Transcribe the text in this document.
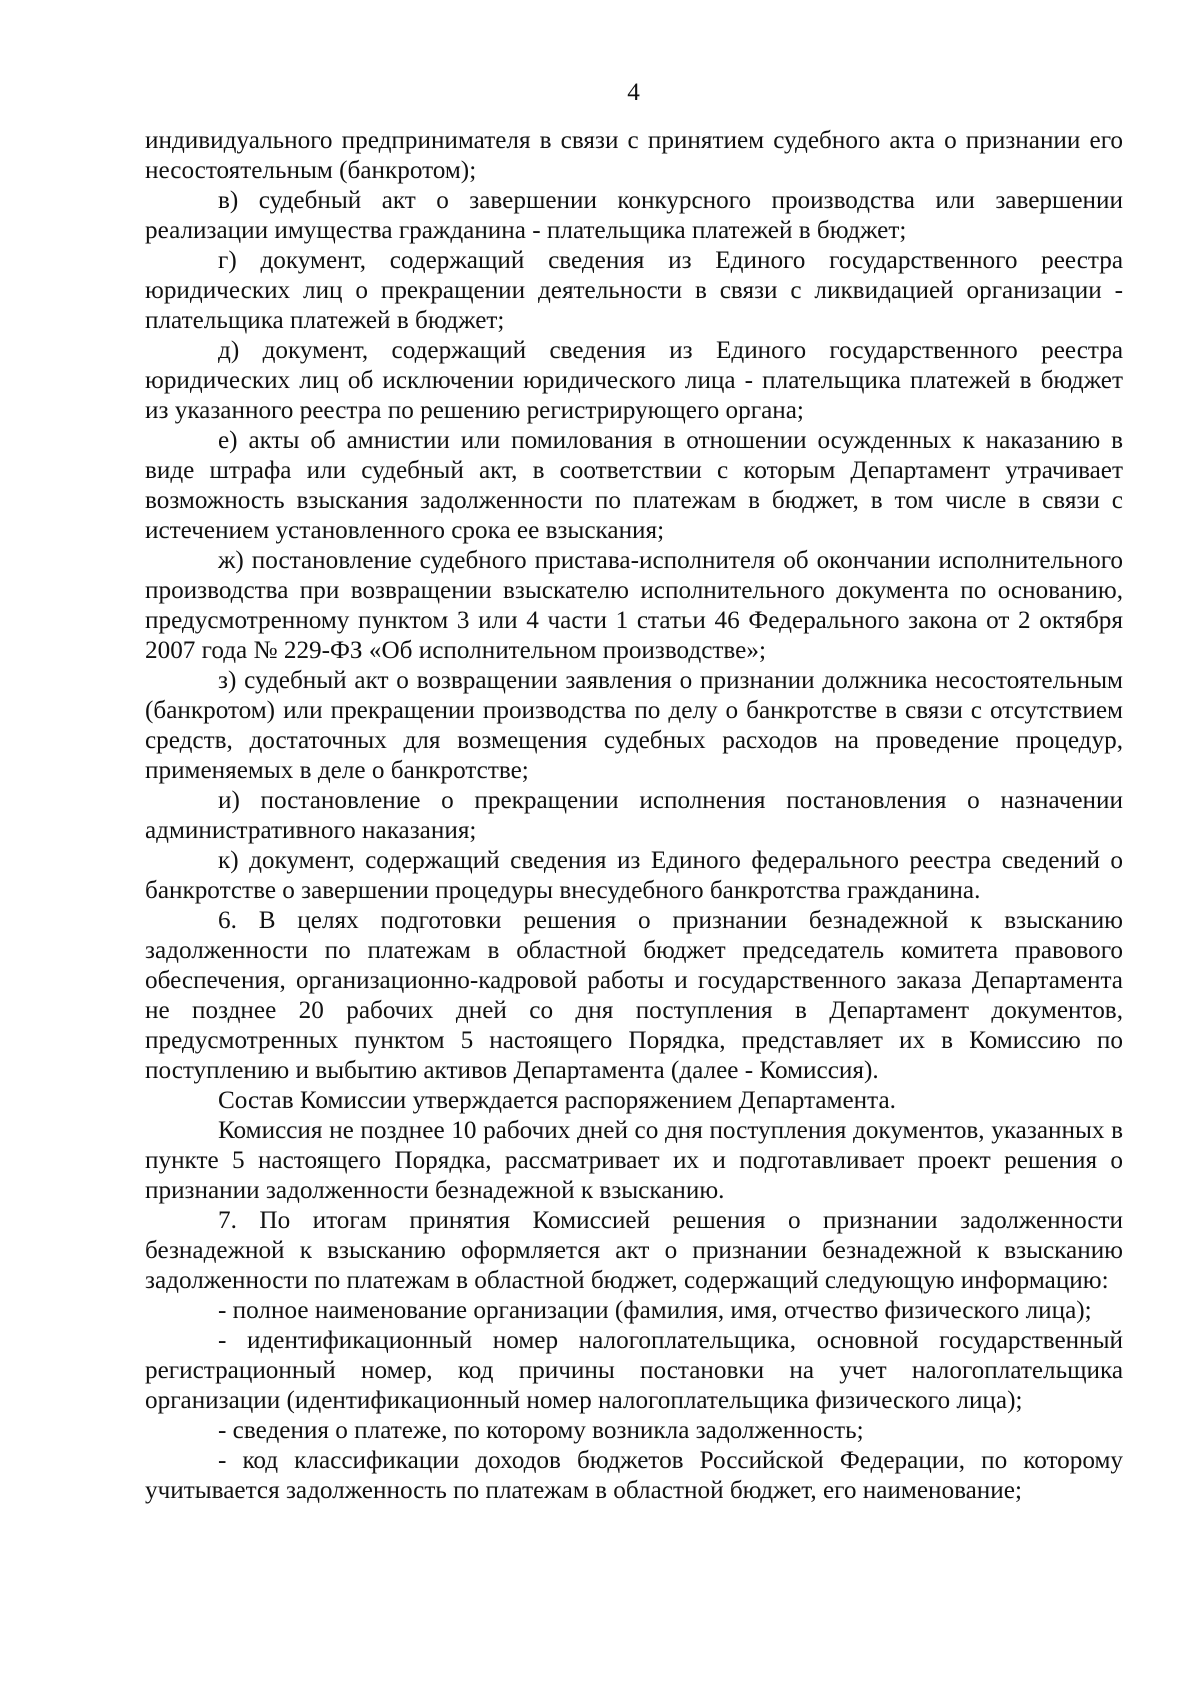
4

индивидуального предпринимателя в связи с принятием судебного акта о признании его несостоятельным (банкротом);

в) судебный акт о завершении конкурсного производства или завершении реализации имущества гражданина - плательщика платежей в бюджет;

г) документ, содержащий сведения из Единого государственного реестра юридических лиц о прекращении деятельности в связи с ликвидацией организации - плательщика платежей в бюджет;

д) документ, содержащий сведения из Единого государственного реестра юридических лиц об исключении юридического лица - плательщика платежей в бюджет из указанного реестра по решению регистрирующего органа;

е) акты об амнистии или помилования в отношении осужденных к наказанию в виде штрафа или судебный акт, в соответствии с которым Департамент утрачивает возможность взыскания задолженности по платежам в бюджет, в том числе в связи с истечением установленного срока ее взыскания;

ж) постановление судебного пристава-исполнителя об окончании исполнительного производства при возвращении взыскателю исполнительного документа по основанию, предусмотренному пунктом 3 или 4 части 1 статьи 46 Федерального закона от 2 октября 2007 года № 229-ФЗ «Об исполнительном производстве»;

з) судебный акт о возвращении заявления о признании должника несостоятельным (банкротом) или прекращении производства по делу о банкротстве в связи с отсутствием средств, достаточных для возмещения судебных расходов на проведение процедур, применяемых в деле о банкротстве;

и) постановление о прекращении исполнения постановления о назначении административного наказания;

к) документ, содержащий сведения из Единого федерального реестра сведений о банкротстве о завершении процедуры внесудебного банкротства гражданина.

6. В целях подготовки решения о признании безнадежной к взысканию задолженности по платежам в областной бюджет председатель комитета правового обеспечения, организационно-кадровой работы и государственного заказа Департамента не позднее 20 рабочих дней со дня поступления в Департамент документов, предусмотренных пунктом 5 настоящего Порядка, представляет их в Комиссию по поступлению и выбытию активов Департамента (далее - Комиссия).

Состав Комиссии утверждается распоряжением Департамента.

Комиссия не позднее 10 рабочих дней со дня поступления документов, указанных в пункте 5 настоящего Порядка, рассматривает их и подготавливает проект решения о признании задолженности безнадежной к взысканию.

7. По итогам принятия Комиссией решения о признании задолженности безнадежной к взысканию оформляется акт о признании безнадежной к взысканию задолженности по платежам в областной бюджет, содержащий следующую информацию:

- полное наименование организации (фамилия, имя, отчество физического лица);

- идентификационный номер налогоплательщика, основной государственный регистрационный номер, код причины постановки на учет налогоплательщика организации (идентификационный номер налогоплательщика физического лица);

- сведения о платеже, по которому возникла задолженность;

- код классификации доходов бюджетов Российской Федерации, по которому учитывается задолженность по платежам в областной бюджет, его наименование;
